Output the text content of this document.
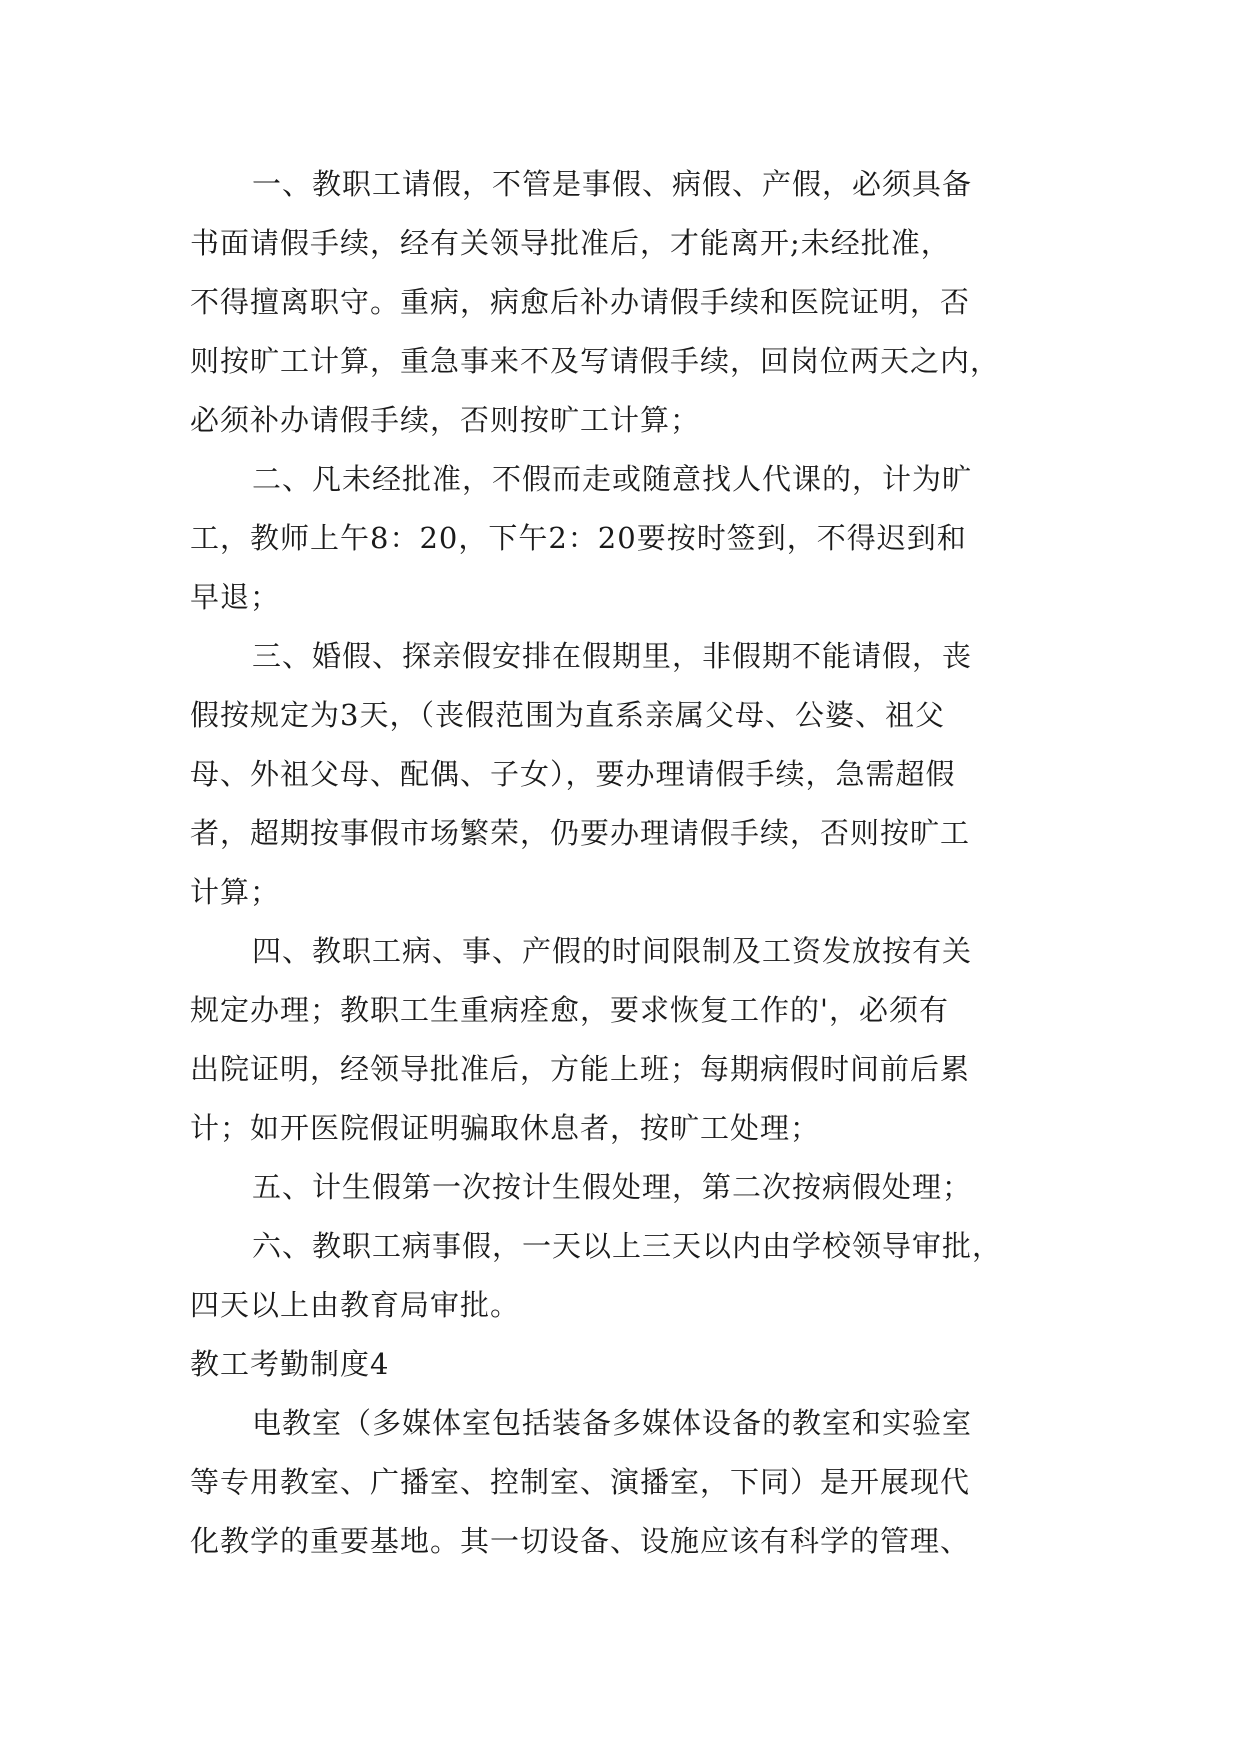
一、教职工请假，不管是事假、病假、产假，必须具备
书面请假手续，经有关领导批准后，才能离开;未经批准，
不得擅离职守。重病，病愈后补办请假手续和医院证明，否
则按旷工计算，重急事来不及写请假手续，回岗位两天之内，
必须补办请假手续，否则按旷工计算；
二、凡未经批准，不假而走或随意找人代课的，计为旷
工，教师上午8：20，下午2：20要按时签到，不得迟到和
早退；
三、婚假、探亲假安排在假期里，非假期不能请假，丧
假按规定为3天，（丧假范围为直系亲属父母、公婆、祖父
母、外祖父母、配偶、子女），要办理请假手续，急需超假
者，超期按事假市场繁荣，仍要办理请假手续，否则按旷工
计算；
四、教职工病、事、产假的时间限制及工资发放按有关
规定办理；教职工生重病痊愈，要求恢复工作的'，必须有
出院证明，经领导批准后，方能上班；每期病假时间前后累
计；如开医院假证明骗取休息者，按旷工处理；
五、计生假第一次按计生假处理，第二次按病假处理；
六、教职工病事假，一天以上三天以内由学校领导审批，
四天以上由教育局审批。
教工考勤制度4
电教室（多媒体室包括装备多媒体设备的教室和实验室
等专用教室、广播室、控制室、演播室，下同）是开展现代
化教学的重要基地。其一切设备、设施应该有科学的管理、
